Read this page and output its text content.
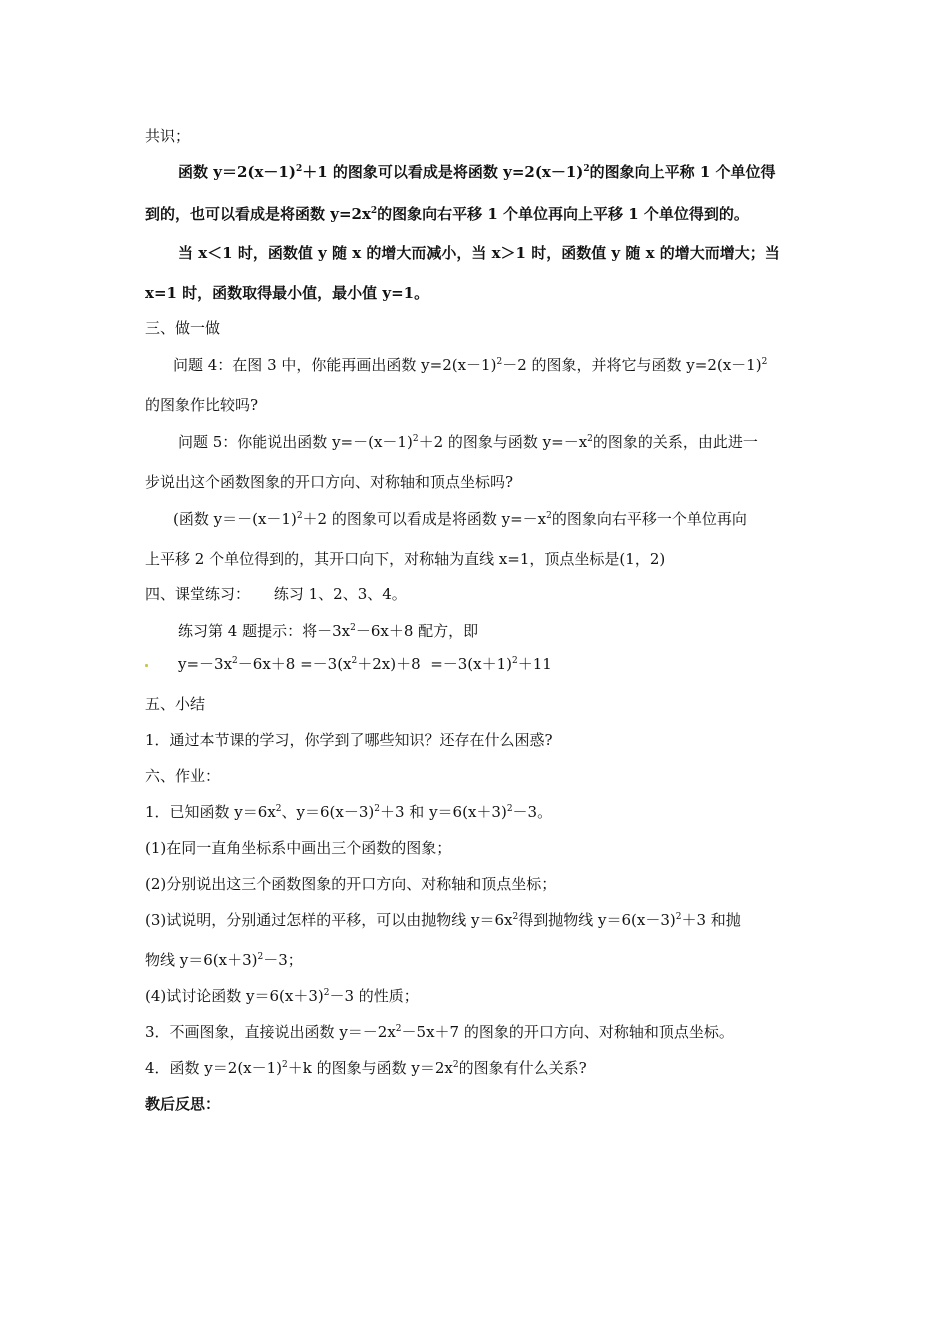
共识；
函数 $y=2(x-1)^2+1$ 的图象可以看成是将函数 $y=2(x-1)^2$的图象向上平称 1 个单位得
到的，也可以看成是将函数 $y=2x^2$的图象向右平移 1 个单位再向上平移 1 个单位得到的。
当 x＜1 时，函数值 y 随 x 的增大而减小，当 x＞1 时，函数值 y 随 x 的增大而增大；当
x=1 时，函数取得最小值，最小值 y=1。
三、做一做
问题 4：在图 3 中，你能再画出函数 $y=2(x-1)^2-2$ 的图象，并将它与函数 $y=2(x-1)^2$
的图象作比较吗?
问题 5：你能说出函数 $y=-(x-1)^2+2$ 的图象与函数 $y=-x^2$的图象的关系，由此进一
步说出这个函数图象的开口方向、对称轴和顶点坐标吗?
(函数 $y=-(x-1)^2+2$ 的图象可以看成是将函数 $y=-x^2$的图象向右平移一个单位再向
上平移 2 个单位得到的，其开口向下，对称轴为直线 x=1，顶点坐标是(1，2)
四、课堂练习：     练习 1、2、3、4。
练习第 4 题提示：将$-3x^2-6x+8$ 配方，即
$y=-3x^2-6x+8 =-3(x^2+2x)+8 =-3(x+1)^2+11$
五、小结
1．通过本节课的学习，你学到了哪些知识？还存在什么困惑?
六、作业：
1．已知函数 $y=6x^2$、$y=6(x-3)^2+3$ 和 $y=6(x+3)^2-3$。
(1)在同一直角坐标系中画出三个函数的图象；
(2)分别说出这三个函数图象的开口方向、对称轴和顶点坐标；
(3)试说明，分别通过怎样的平移，可以由抛物线 $y=6x^2$得到抛物线 $y=6(x-3)^2+3$ 和抛
物线 $y=6(x+3)^2-3$；
(4)试讨论函数 $y=6(x+3)^2-3$ 的性质；
3．不画图象，直接说出函数 $y=-2x^2-5x+7$ 的图象的开口方向、对称轴和顶点坐标。
4．函数 $y=2(x-1)^2+k$ 的图象与函数 $y=2x^2$的图象有什么关系?
教后反思：
